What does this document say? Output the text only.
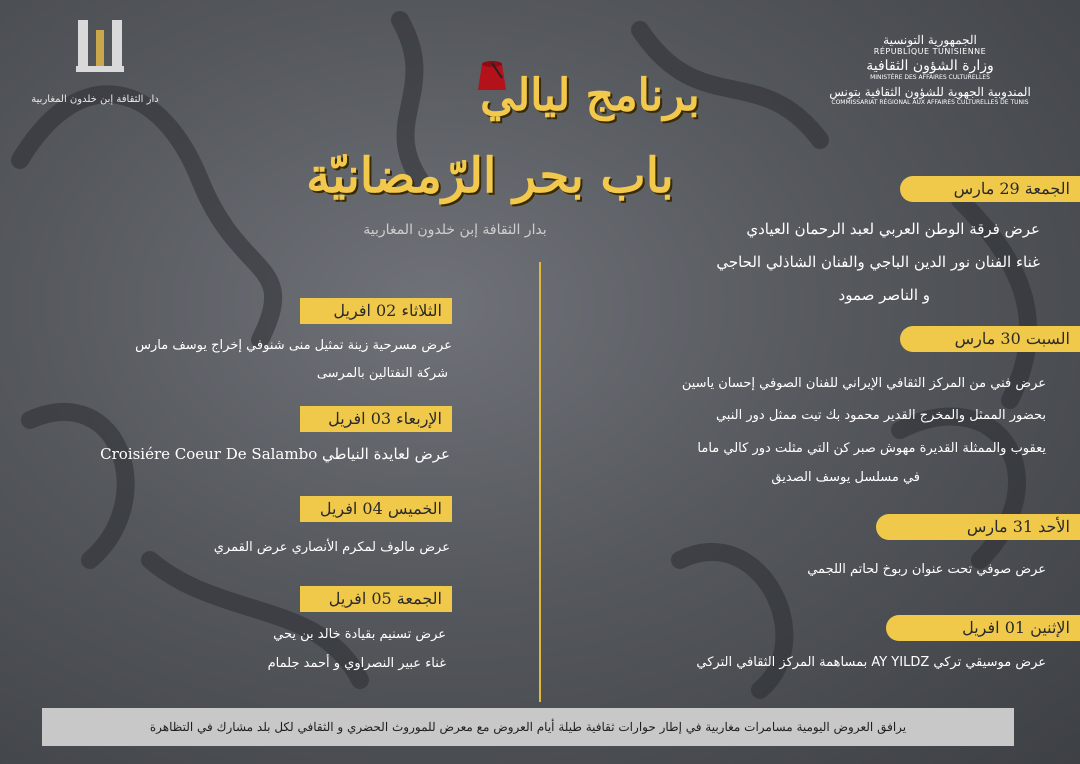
دار الثقافة إبن خلدون المغاربية
الجمهورية التونسية
RÉPUBLIQUE TUNISIENNE
وزارة الشؤون الثقافية
MINISTÈRE DES AFFAIRES CULTURELLES
المندوبية الجهوية للشؤون الثقافية بتونس
COMMISSARIAT RÉGIONAL AUX AFFAIRES CULTURELLES DE TUNIS
برنامج ليالي
باب بحر الرّمضانيّة
بدار الثقافة إبن خلدون المغاربية
الجمعة 29 مارس
عرض فرقة الوطن العربي لعبد الرحمان العيادي
غناء الفنان نور الدين الباجي والفنان الشاذلي الحاجي
و الناصر صمود
السبت 30 مارس
عرض فني من المركز الثقافي الإيراني للفنان الصوفي إحسان ياسين
بحضور الممثل والمخرج القدير محمود بك تيت ممثل دور النبي
يعقوب والممثلة القديرة مهوش صبر كن التي مثلت دور كالي ماما
في مسلسل يوسف الصديق
الأحد 31 مارس
عرض صوفي تحت عنوان ربوخ لحاتم اللجمي
الإثنين 01 افريل
عرض موسيقي تركي AY YILDZ بمساهمة المركز الثقافي التركي
الثلاثاء 02 افريل
عرض مسرحية زينة تمثيل منى شنوفي إخراج يوسف مارس
شركة النفتالين بالمرسى
الإربعاء 03 افريل
عرض لعايدة النياطي Croisiére Coeur De Salambo
الخميس 04 افريل
عرض مالوف لمكرم الأنصاري عرض القمري
الجمعة 05 افريل
عرض تسنيم بقيادة خالد بن يحي
غناء عبير النصراوي و أحمد جلمام
يرافق العروض اليومية مسامرات مغاربية في إطار حوارات ثقافية طيلة أيام العروض مع معرض للموروث الحضري و الثقافي لكل بلد مشارك في التظاهرة
